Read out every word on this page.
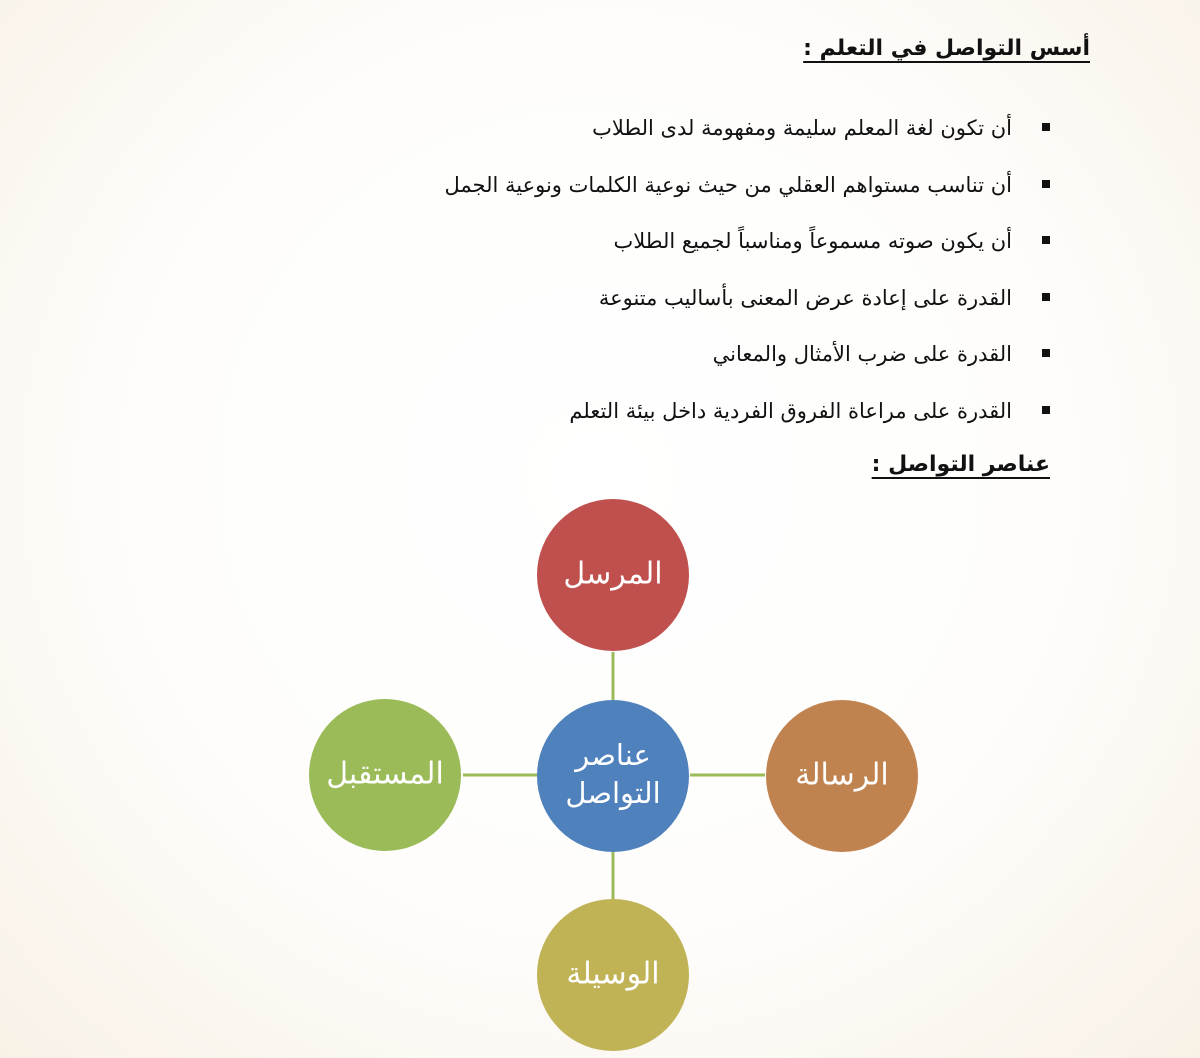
أسس التواصل في التعلم :
أن تكون لغة المعلم سليمة ومفهومة لدى الطلاب
أن تناسب مستواهم العقلي من حيث نوعية الكلمات ونوعية الجمل
أن يكون صوته مسموعاً ومناسباً لجميع الطلاب
القدرة على إعادة عرض المعنى بأساليب متنوعة
القدرة على ضرب الأمثال والمعاني
القدرة على مراعاة الفروق الفردية داخل بيئة التعلم
عناصر التواصل :
المرسل
الرسالة
الوسيلة
المستقبل
عناصر
التواصل
